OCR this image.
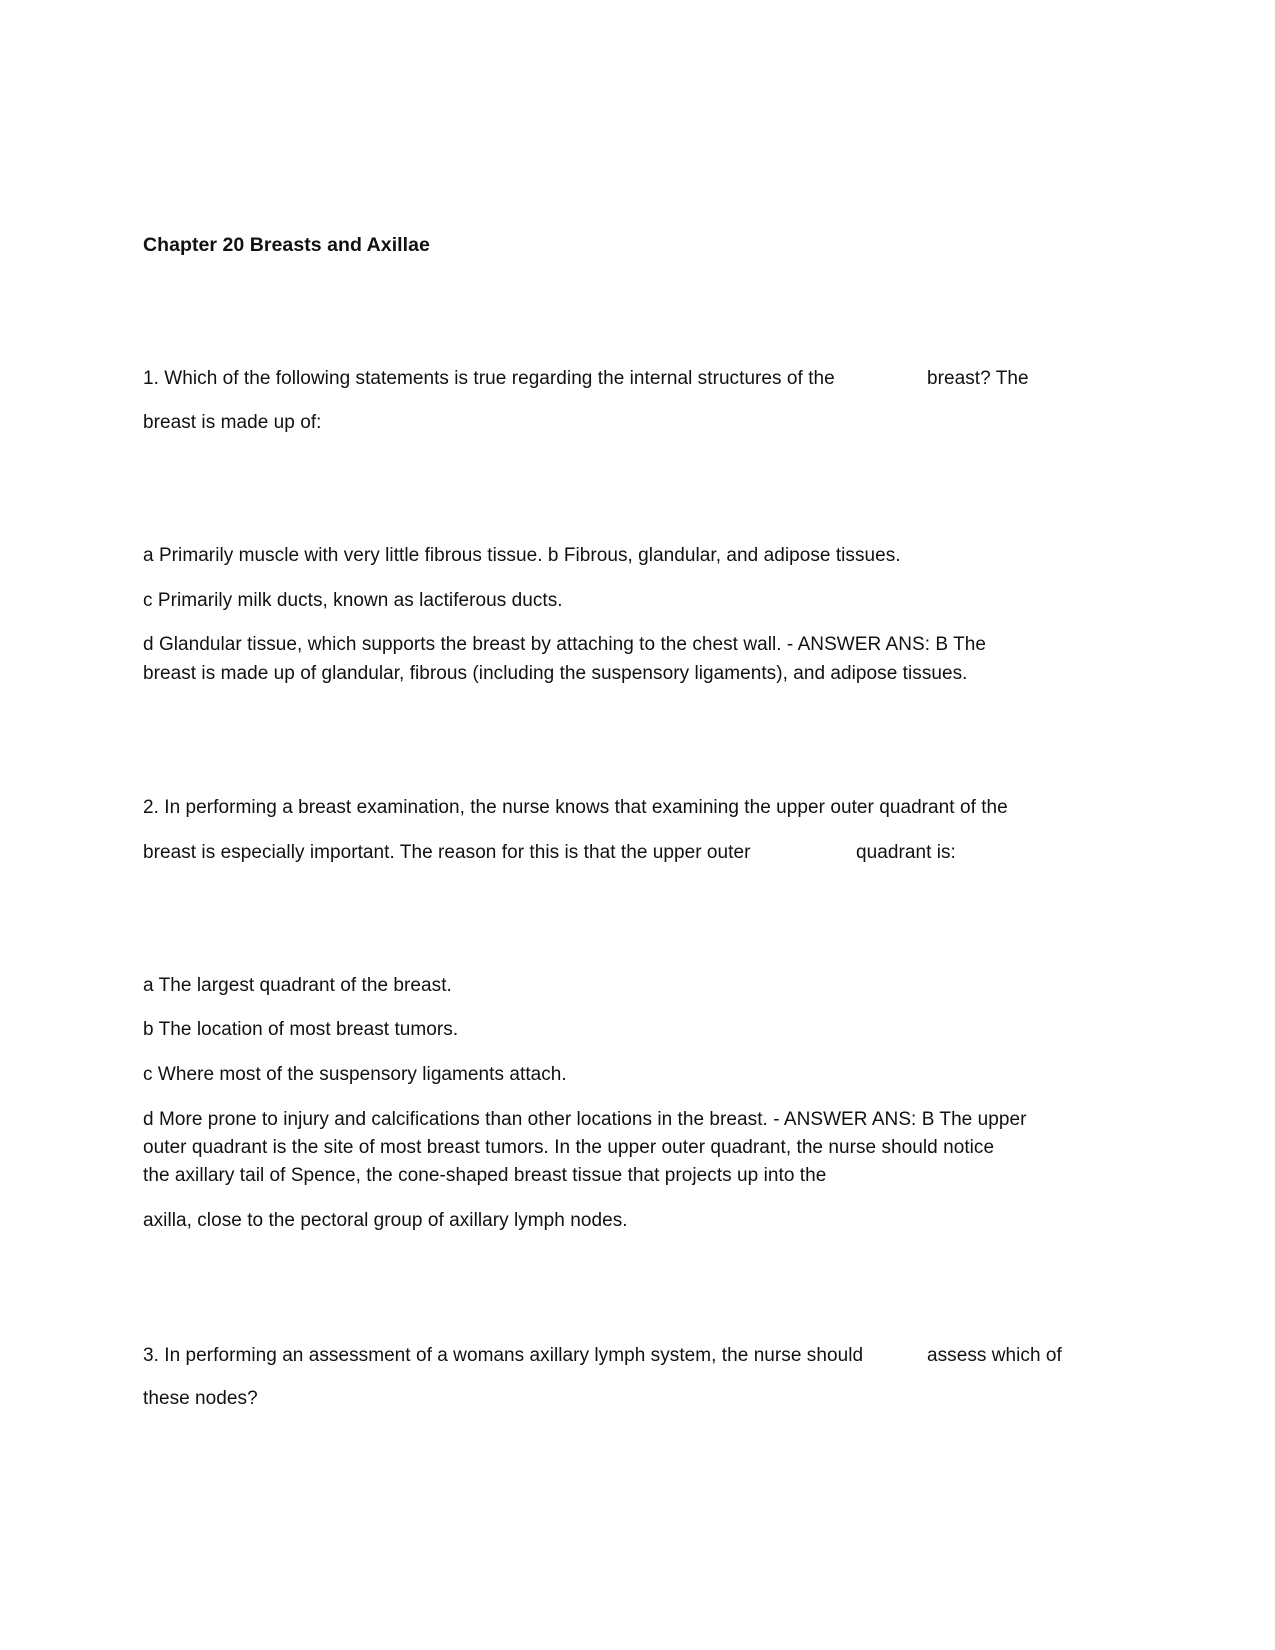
Chapter 20 Breasts and Axillae
1. Which of the following statements is true regarding the internal structures of the	breast? The
breast is made up of:
a Primarily muscle with very little fibrous tissue. b Fibrous, glandular, and adipose tissues.
c Primarily milk ducts, known as lactiferous ducts.
d Glandular tissue, which supports the breast by attaching to the chest wall. - ANSWER ANS: B The
breast is made up of glandular, fibrous (including the suspensory ligaments), and adipose tissues.
2. In performing a breast examination, the nurse knows that examining the upper outer quadrant of the
breast is especially important. The reason for this is that the upper outer	quadrant is:
a The largest quadrant of the breast.
b The location of most breast tumors.
c Where most of the suspensory ligaments attach.
d More prone to injury and calcifications than other locations in the breast. - ANSWER ANS: B The upper
outer quadrant is the site of most breast tumors. In the upper outer quadrant, the nurse should notice
the axillary tail of Spence, the cone-shaped breast tissue that projects up into the
axilla, close to the pectoral group of axillary lymph nodes.
3. In performing an assessment of a womans axillary lymph system, the nurse should	assess which of
these nodes?
